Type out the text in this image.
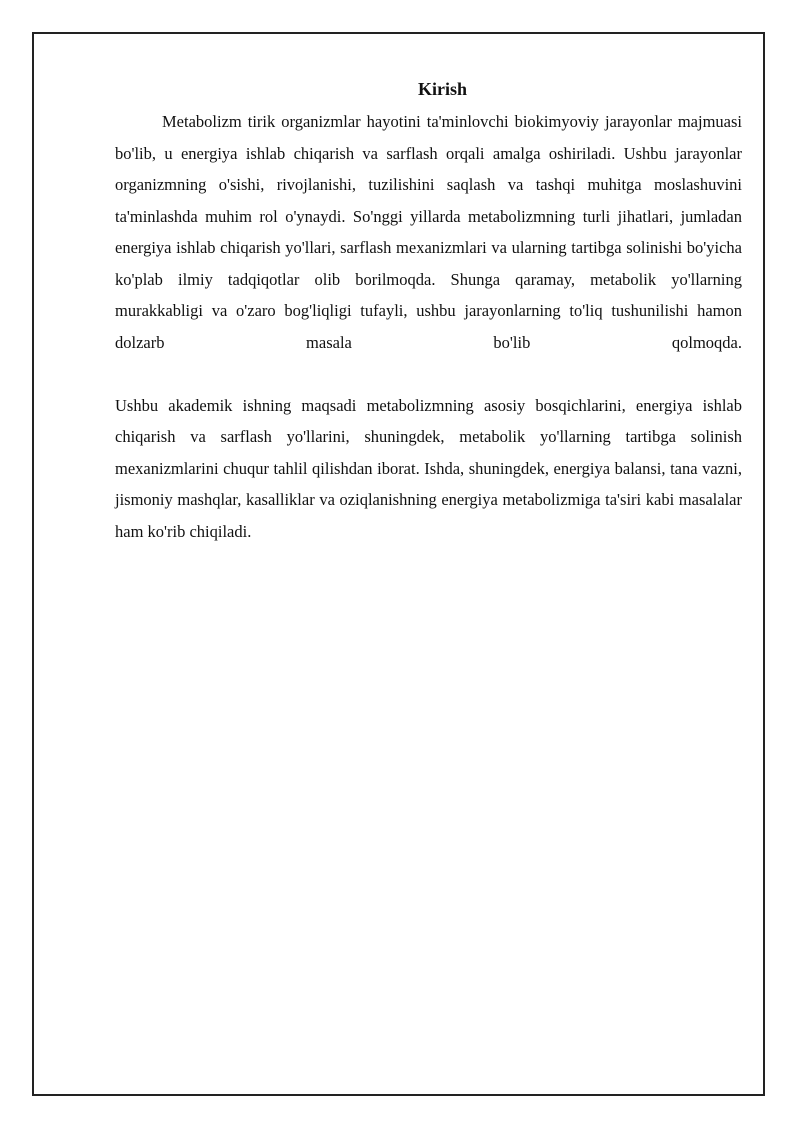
Kirish

Metabolizm tirik organizmlar hayotini ta'minlovchi biokimyoviy jarayonlar majmuasi bo'lib, u energiya ishlab chiqarish va sarflash orqali amalga oshiriladi. Ushbu jarayonlar organizmning o'sishi, rivojlanishi, tuzilishini saqlash va tashqi muhitga moslashuvini ta'minlashda muhim rol o'ynaydi. So'nggi yillarda metabolizmning turli jihatlari, jumladan energiya ishlab chiqarish yo'llari, sarflash mexanizmlari va ularning tartibga solinishi bo'yicha ko'plab ilmiy tadqiqotlar olib borilmoqda. Shunga qaramay, metabolik yo'llarning murakkabligi va o'zaro bog'liqligi tufayli, ushbu jarayonlarning to'liq tushunilishi hamon dolzarb masala bo'lib qolmoqda.

Ushbu akademik ishning maqsadi metabolizmning asosiy bosqichlarini, energiya ishlab chiqarish va sarflash yo'llarini, shuningdek, metabolik yo'llarning tartibga solinish mexanizmlarini chuqur tahlil qilishdan iborat. Ishda, shuningdek, energiya balansi, tana vazni, jismoniy mashqlar, kasalliklar va oziqlanishning energiya metabolizmiga ta'siri kabi masalalar ham ko'rib chiqiladi.
